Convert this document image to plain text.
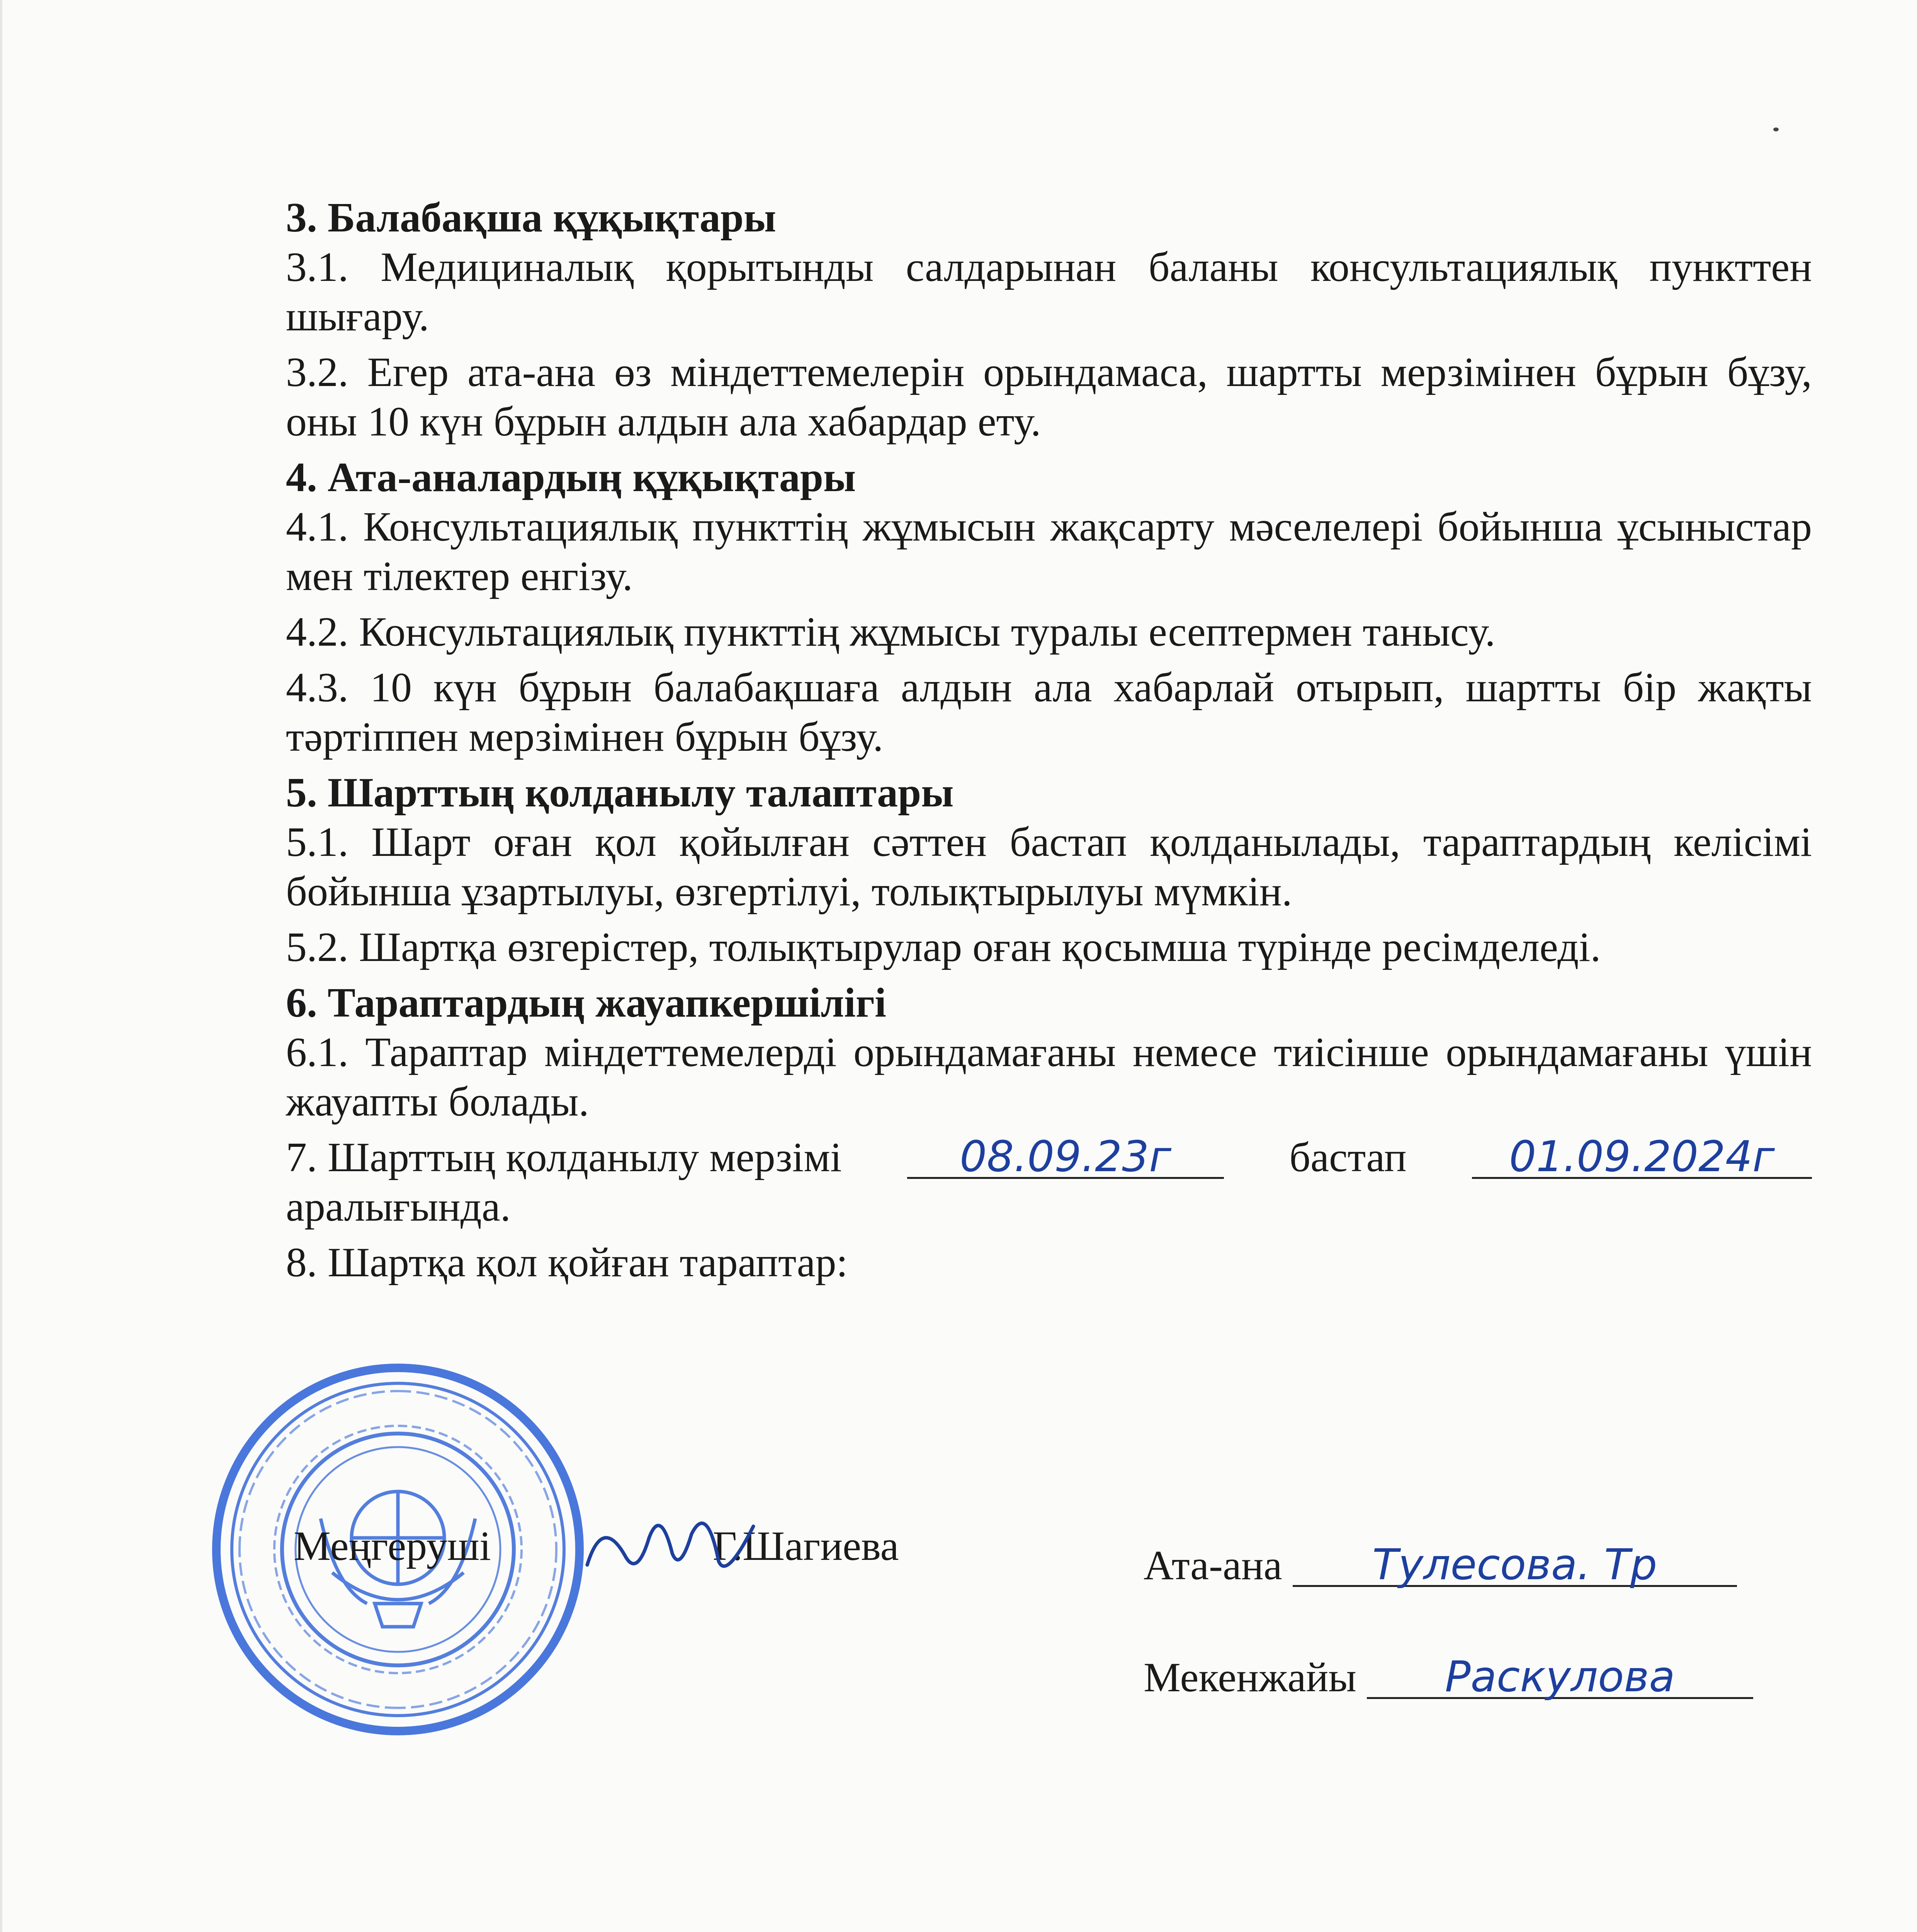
3. Балабақша құқықтары

3.1. Медициналық қорытынды салдарынан баланы консультациялық пункттен шығару.

3.2. Егер ата-ана өз міндеттемелерін орындамаса, шартты мерзімінен бұрын бұзу, оны 10 күн бұрын алдын ала хабардар ету.

4. Ата-аналардың құқықтары

4.1. Консультациялық пункттің жұмысын жақсарту мәселелері бойынша ұсыныстар мен тілектер енгізу.

4.2. Консультациялық пункттің жұмысы туралы есептермен танысу.

4.3. 10 күн бұрын балабақшаға алдын ала хабарлай отырып, шартты бір жақты тәртіппен мерзімінен бұрын бұзу.

5. Шарттың қолданылу талаптары

5.1. Шарт оған қол қойылған сәттен бастап қолданылады, тараптардың келісімі бойынша ұзартылуы, өзгертілуі, толықтырылуы мүмкін.

5.2. Шартқа өзгерістер, толықтырулар оған қосымша түрінде ресімделеді.

6. Тараптардың жауапкершілігі

6.1. Тараптар міндеттемелерді орындамағаны немесе тиісінше орындамағаны үшін жауапты болады.

7. Шарттың қолданылу мерзімі	08.09.23г	бастап	01.09.2024г

аралығында.

8. Шартқа қол қойған тараптар:

Меңгеруші	Г.Шагиева	Ата-ана Тулесова. Тр
Мекенжайы Раскулова
